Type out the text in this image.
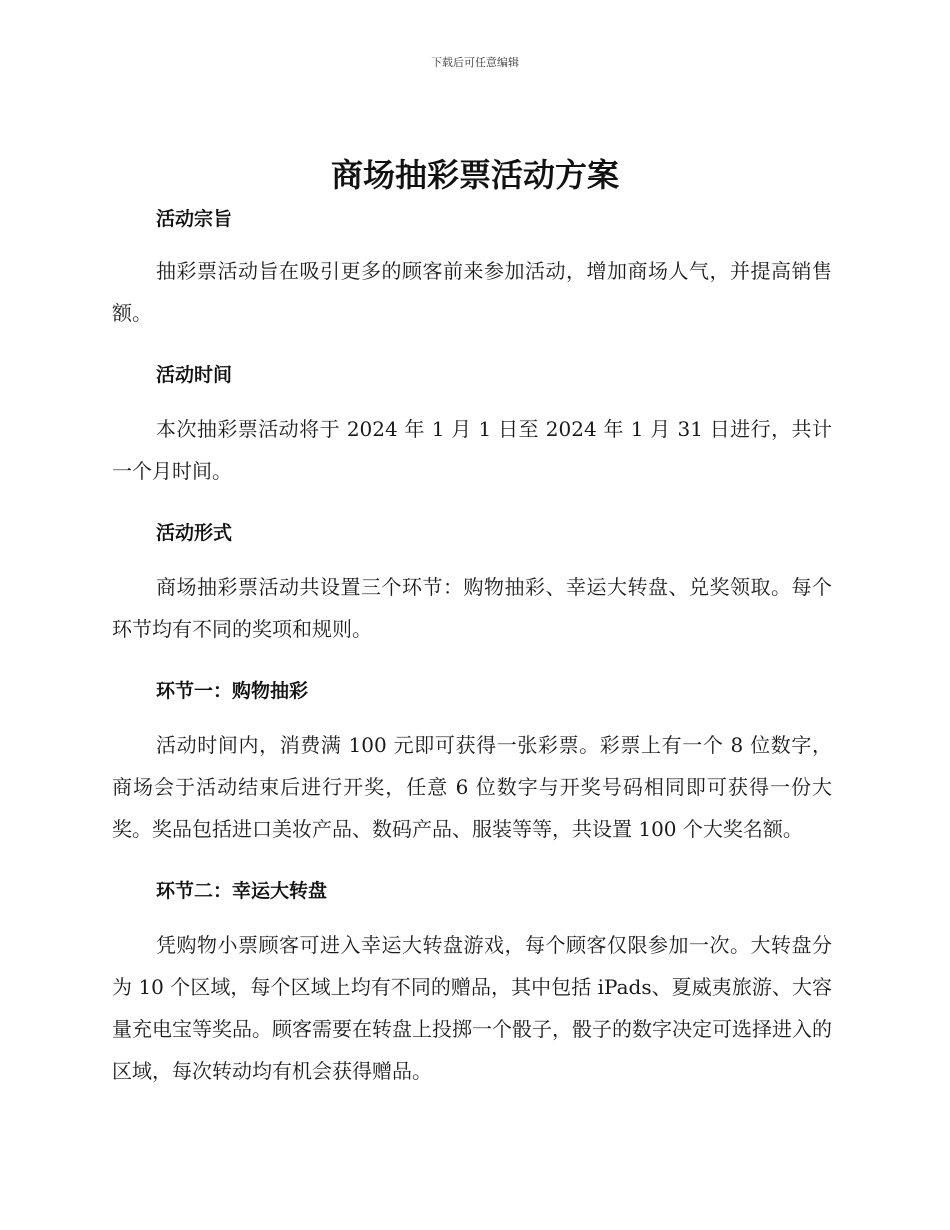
下载后可任意编辑
商场抽彩票活动方案
活动宗旨

抽彩票活动旨在吸引更多的顾客前来参加活动，增加商场人气，并提高销售额。

活动时间

本次抽彩票活动将于 2024 年 1 月 1 日至 2024 年 1 月 31 日进行，共计一个月时间。

活动形式

商场抽彩票活动共设置三个环节：购物抽彩、幸运大转盘、兑奖领取。每个环节均有不同的奖项和规则。

环节一：购物抽彩

活动时间内，消费满 100 元即可获得一张彩票。彩票上有一个 8 位数字，商场会于活动结束后进行开奖，任意 6 位数字与开奖号码相同即可获得一份大奖。奖品包括进口美妆产品、数码产品、服装等等，共设置 100 个大奖名额。

环节二：幸运大转盘

凭购物小票顾客可进入幸运大转盘游戏，每个顾客仅限参加一次。大转盘分为 10 个区域，每个区域上均有不同的赠品，其中包括 iPads、夏威夷旅游、大容量充电宝等奖品。顾客需要在转盘上投掷一个骰子，骰子的数字决定可选择进入的区域，每次转动均有机会获得赠品。
